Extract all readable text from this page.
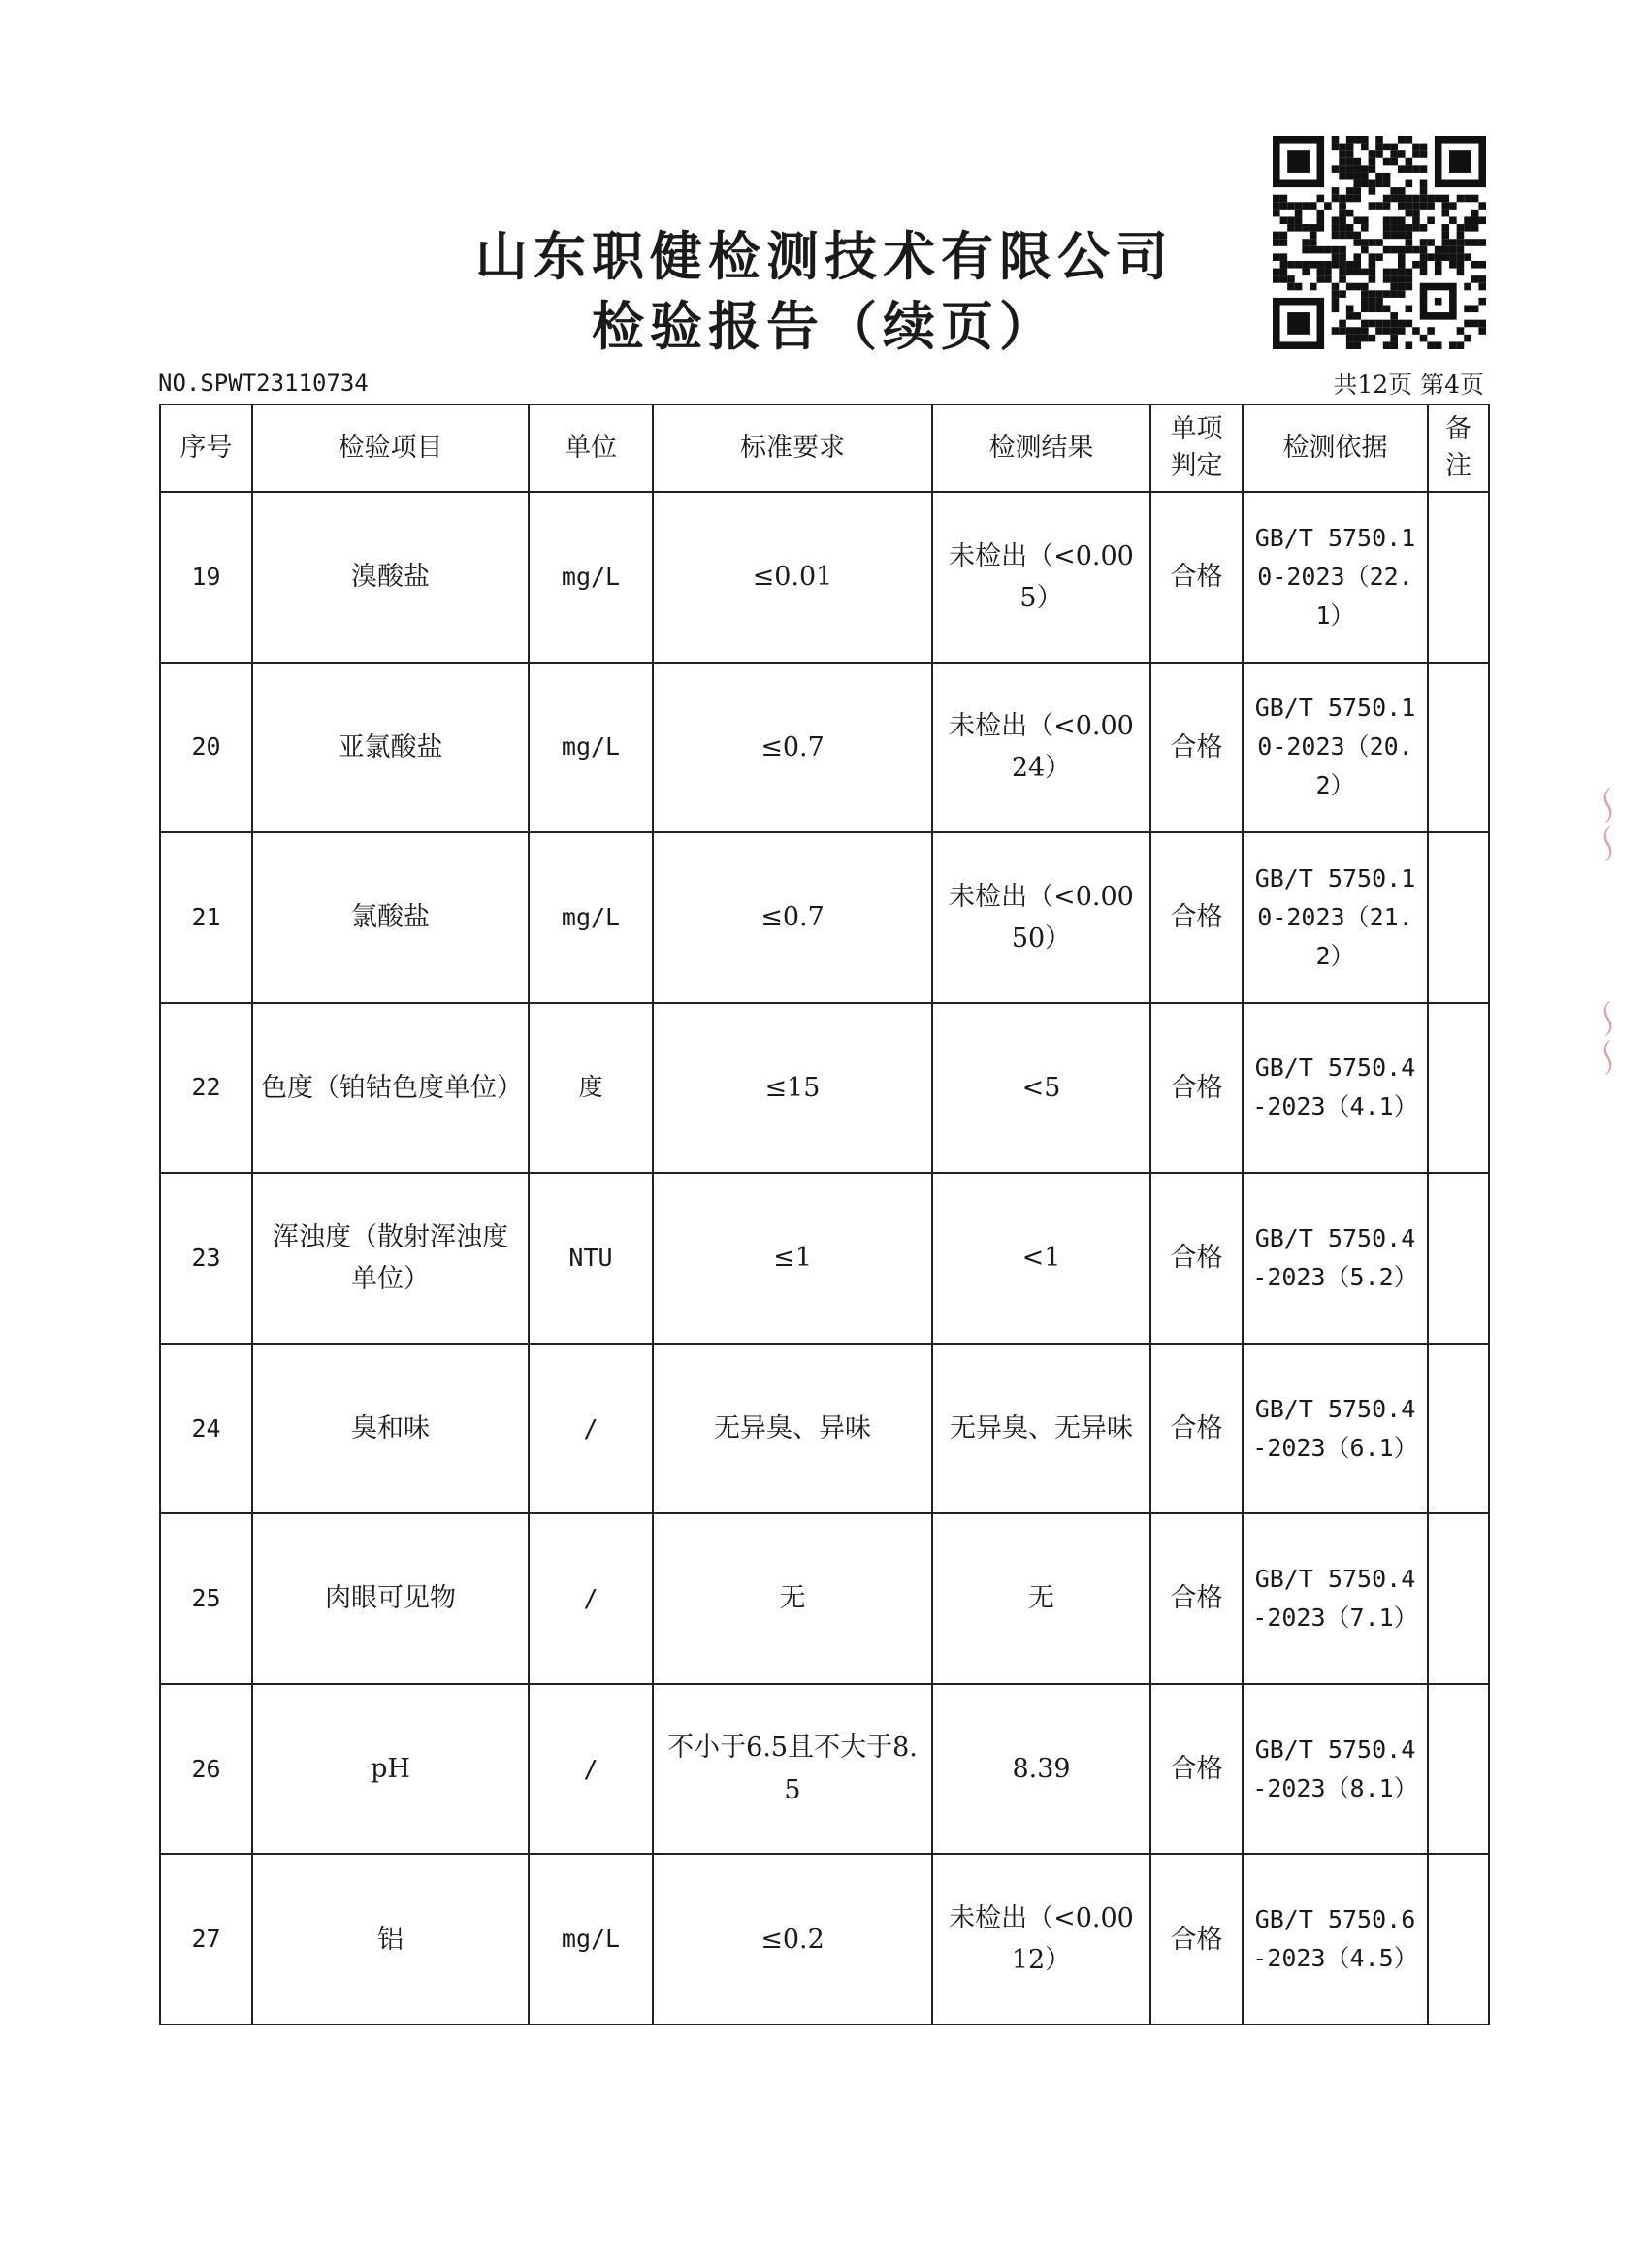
山东职健检测技术有限公司
检验报告（续页）
NO.SPWT23110734	共12页 第4页
序号	检验项目	单位	标准要求	检测结果	单项判定	检测依据	备注
19	溴酸盐	mg/L	≤0.01	未检出（<0.005）	合格	GB/T 5750.10-2023（22.1）	
20	亚氯酸盐	mg/L	≤0.7	未检出（<0.0024）	合格	GB/T 5750.10-2023（20.2）	
21	氯酸盐	mg/L	≤0.7	未检出（<0.0050）	合格	GB/T 5750.10-2023（21.2）	
22	色度（铂钴色度单位）	度	≤15	<5	合格	GB/T 5750.4-2023（4.1）	
23	浑浊度（散射浑浊度单位）	NTU	≤1	<1	合格	GB/T 5750.4-2023（5.2）	
24	臭和味	/	无异臭、异味	无异臭、无异味	合格	GB/T 5750.4-2023（6.1）	
25	肉眼可见物	/	无	无	合格	GB/T 5750.4-2023（7.1）	
26	pH	/	不小于6.5且不大于8.5	8.39	合格	GB/T 5750.4-2023（8.1）	
27	铝	mg/L	≤0.2	未检出（<0.0012）	合格	GB/T 5750.6-2023（4.5）	
〜〜
〜〜
